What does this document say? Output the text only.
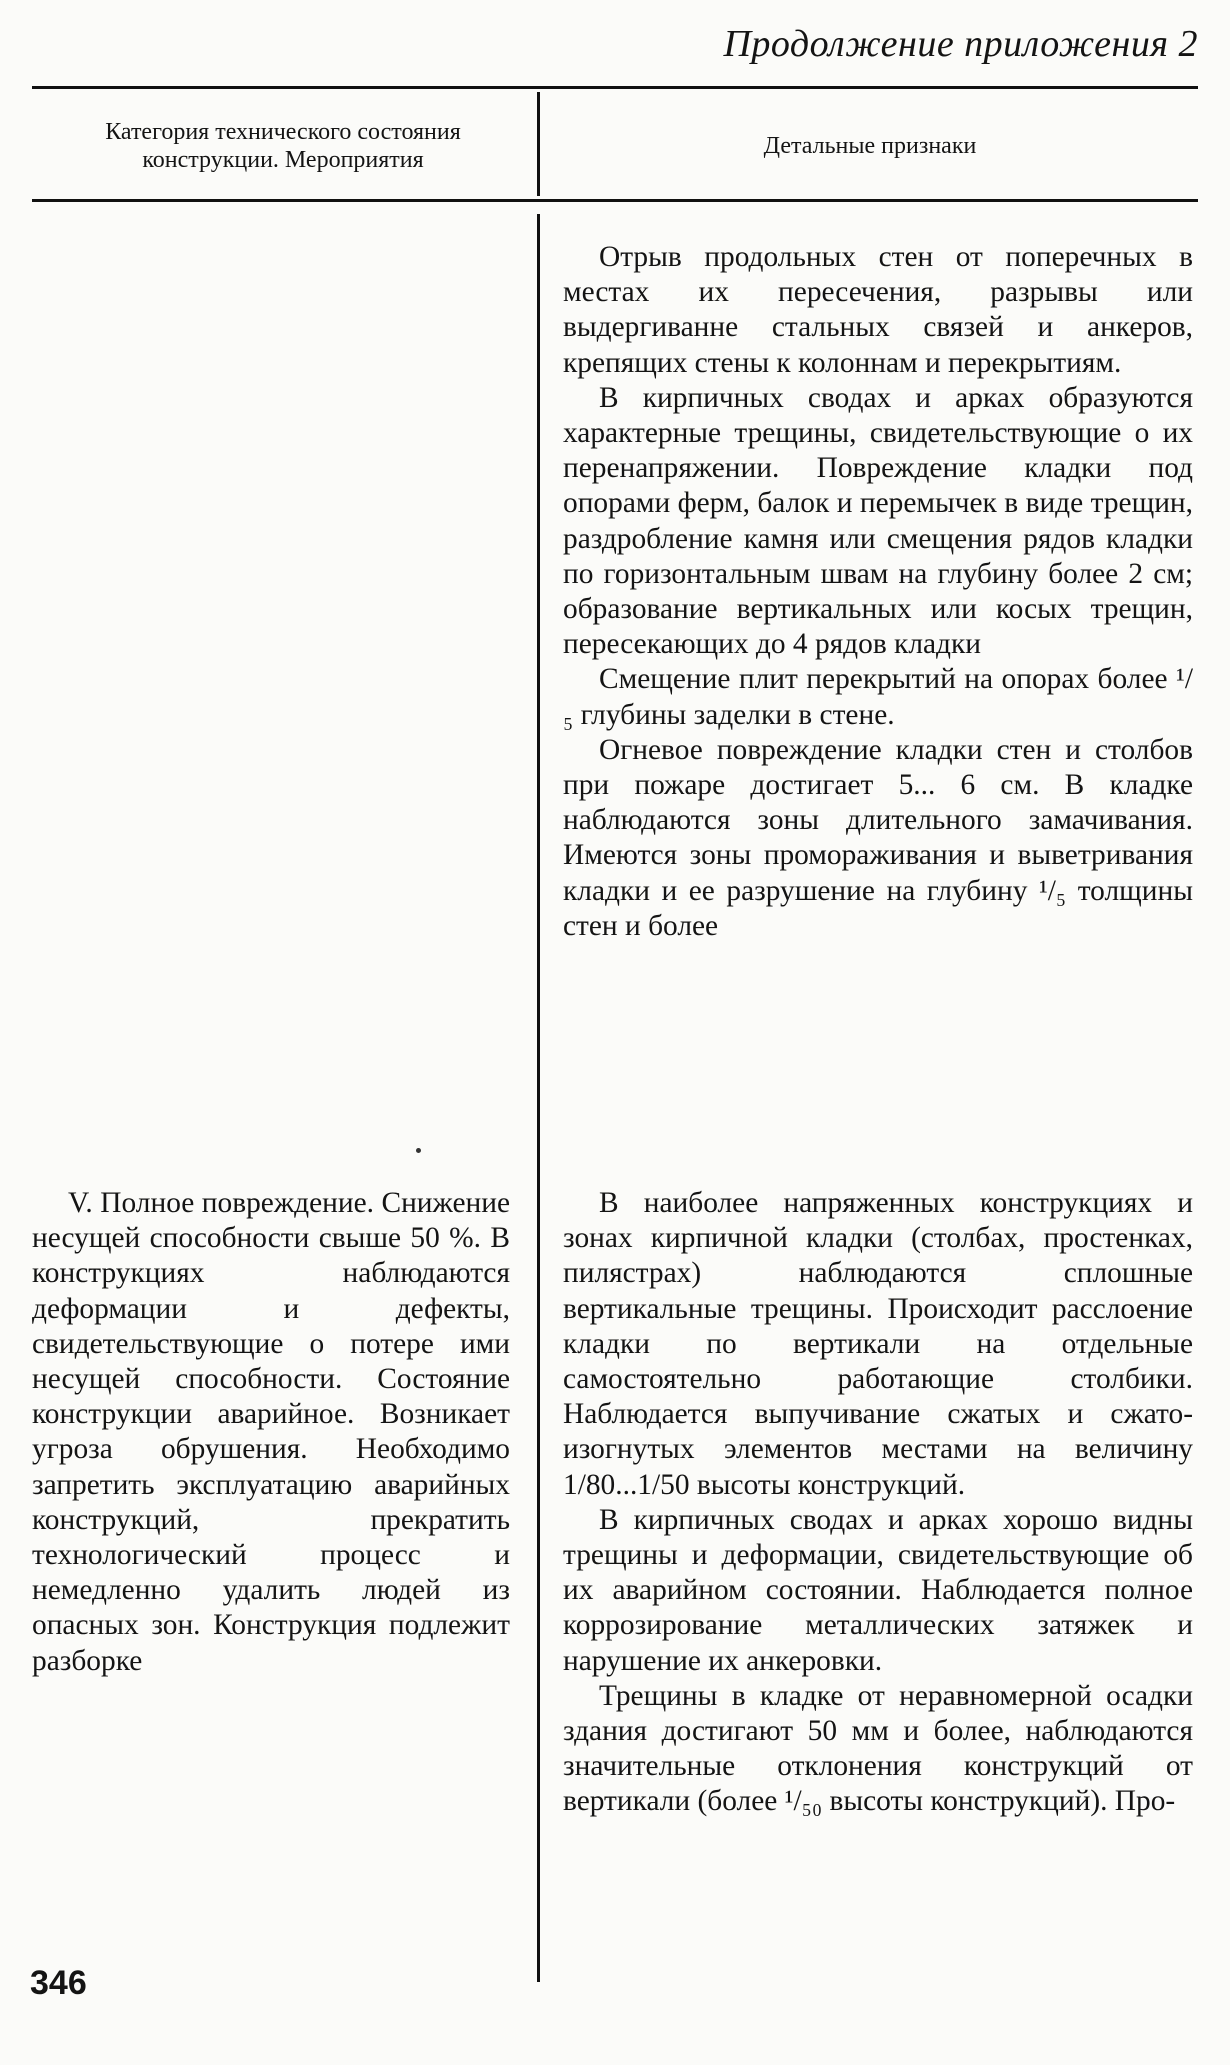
Продолжение приложения 2
Категория технического состояния конструкции. Мероприятия
Детальные признаки

Отрыв продольных стен от поперечных в местах их пересечения, разрывы или выдергиванне стальных связей и анкеров, крепящих стены к колоннам и перекрытиям.

В кирпичных сводах и арках образуются характерные трещины, свидетельствующие о их перенапряжении. Повреждение кладки под опорами ферм, балок и перемычек в виде трещин, раздробление камня или смещения рядов кладки по горизонтальным швам на глубину более 2 см; образование вертикальных или косых трещин, пересекающих до 4 рядов кладки

Смещение плит перекрытий на опорах более ¹/₅ глубины заделки в стене.

Огневое повреждение кладки стен и столбов при пожаре достигает 5... 6 см. В кладке наблюдаются зоны длительного замачивания. Имеются зоны промораживания и выветривания кладки и ее разрушение на глубину ¹/₅ толщины стен и более

В наиболее напряженных конструкциях и зонах кирпичной кладки (столбах, простенках, пилястрах) наблюдаются сплошные вертикальные трещины. Происходит расслоение кладки по вертикали на отдельные самостоятельно работающие столбики. Наблюдается выпучивание сжатых и сжато-изогнутых элементов местами на величину 1/80...1/50 высоты конструкций.

В кирпичных сводах и арках хорошо видны трещины и деформации, свидетельствующие об их аварийном состоянии. Наблюдается полное коррозирование металлических затяжек и нарушение их анкеровки.

Трещины в кладке от неравномерной осадки здания достигают 50 мм и более, наблюдаются значительные отклонения конструкций от вертикали (более ¹/₅₀ высоты конструкций). Про-

V. Полное повреждение. Снижение несущей способности свыше 50 %. В конструкциях наблюдаются деформации и дефекты, свидетельствующие о потере ими несущей способности. Состояние конструкции аварийное. Возникает угроза обрушения. Необходимо запретить эксплуатацию аварийных конструкций, прекратить технологический процесс и немедленно удалить людей из опасных зон. Конструкция подлежит разборке

346
